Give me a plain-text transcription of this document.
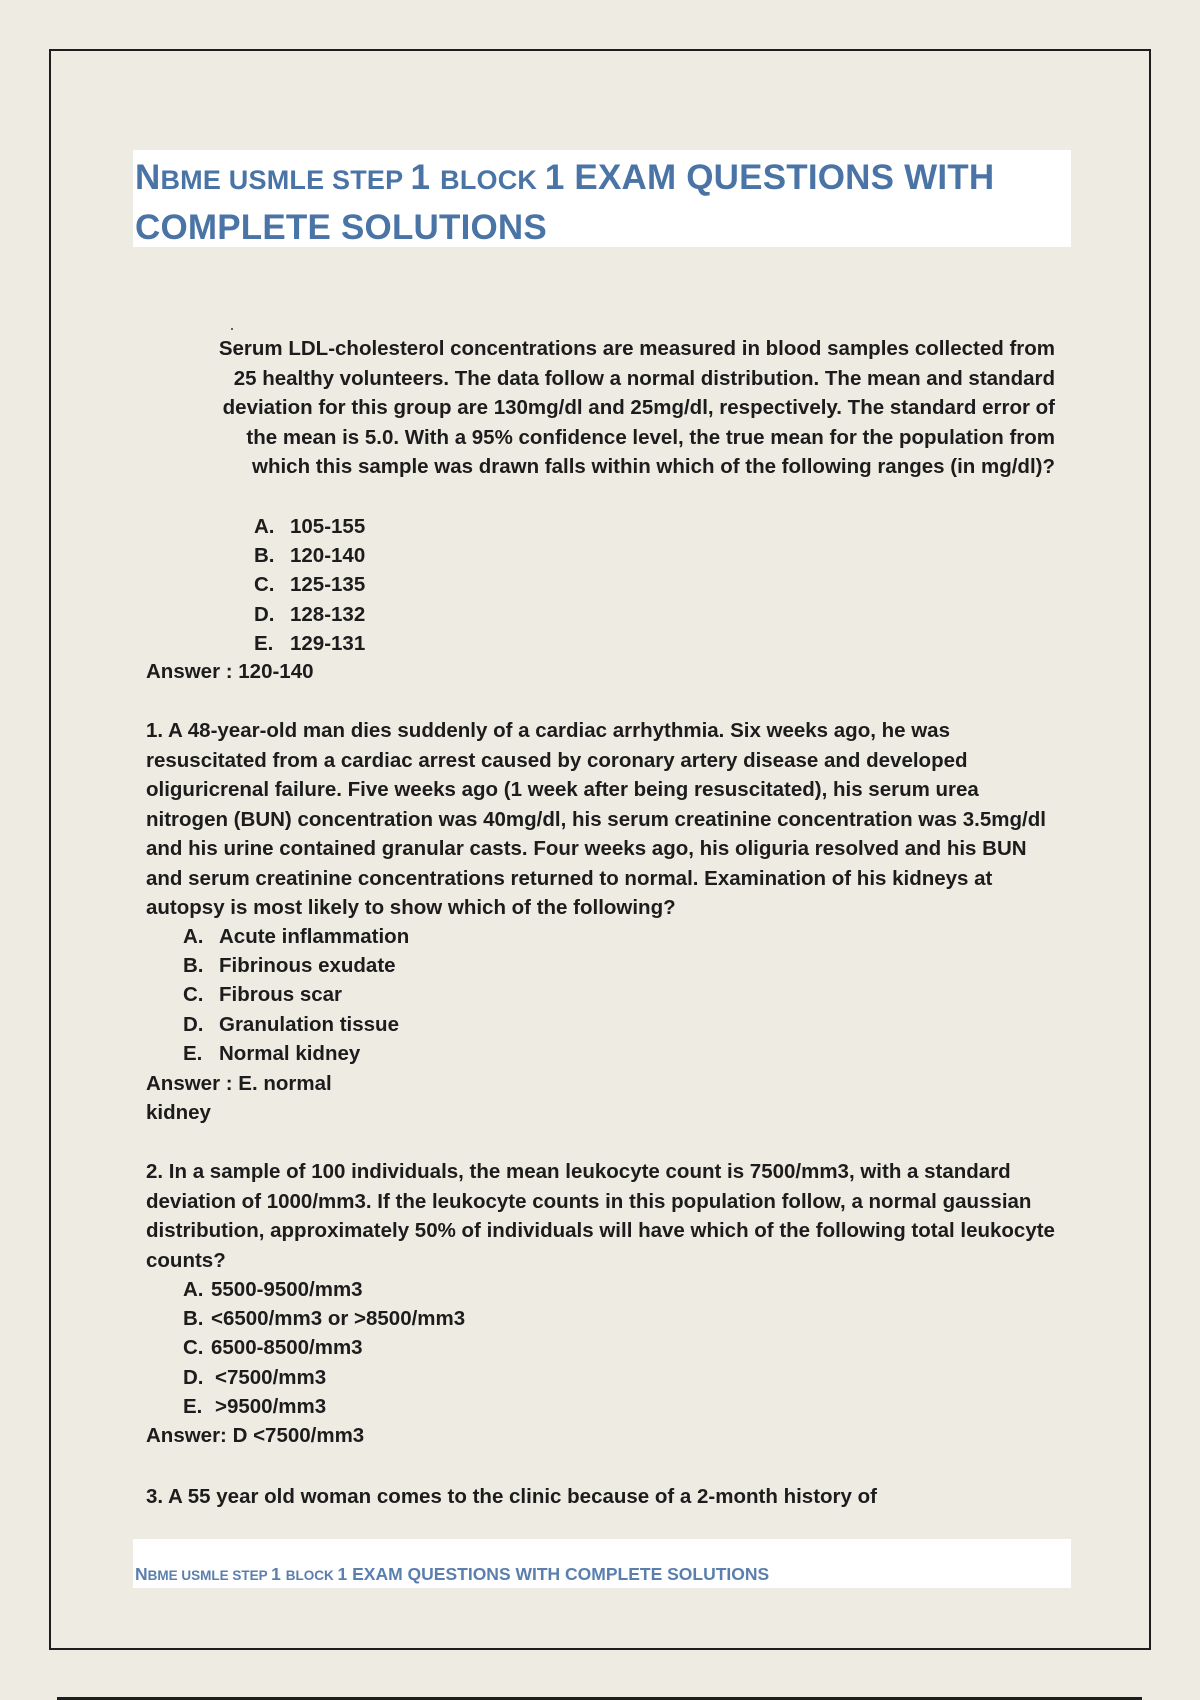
NBME USMLE STEP 1 BLOCK 1 EXAM QUESTIONS WITH COMPLETE SOLUTIONS

Serum LDL-cholesterol concentrations are measured in blood samples collected from 25 healthy volunteers. The data follow a normal distribution. The mean and standard deviation for this group are 130mg/dl and 25mg/dl, respectively. The standard error of the mean is 5.0. With a 95% confidence level, the true mean for the population from which this sample was drawn falls within which of the following ranges (in mg/dl)?

A. 105-155
B. 120-140
C. 125-135
D. 128-132
E. 129-131

Answer : 120-140

1. A 48-year-old man dies suddenly of a cardiac arrhythmia. Six weeks ago, he was resuscitated from a cardiac arrest caused by coronary artery disease and developed oliguricrenal failure. Five weeks ago (1 week after being resuscitated), his serum urea nitrogen (BUN) concentration was 40mg/dl, his serum creatinine concentration was 3.5mg/dl and his urine contained granular casts. Four weeks ago, his oliguria resolved and his BUN and serum creatinine concentrations returned to normal. Examination of his kidneys at autopsy is most likely to show which of the following?

A. Acute inflammation
B. Fibrinous exudate
C. Fibrous scar
D. Granulation tissue
E. Normal kidney

Answer : E. normal

kidney

2. In a sample of 100 individuals, the mean leukocyte count is 7500/mm3, with a standard deviation of 1000/mm3. If the leukocyte counts in this population follow, a normal gaussian distribution, approximately 50% of individuals will have which of the following total leukocyte counts?

A. 5500-9500/mm3
B. <6500/mm3 or >8500/mm3
C. 6500-8500/mm3
D. <7500/mm3
E. >9500/mm3

Answer: D <7500/mm3

3. A 55 year old woman comes to the clinic because of a 2-month history of

NBME USMLE STEP 1 BLOCK 1 EXAM QUESTIONS WITH COMPLETE SOLUTIONS
